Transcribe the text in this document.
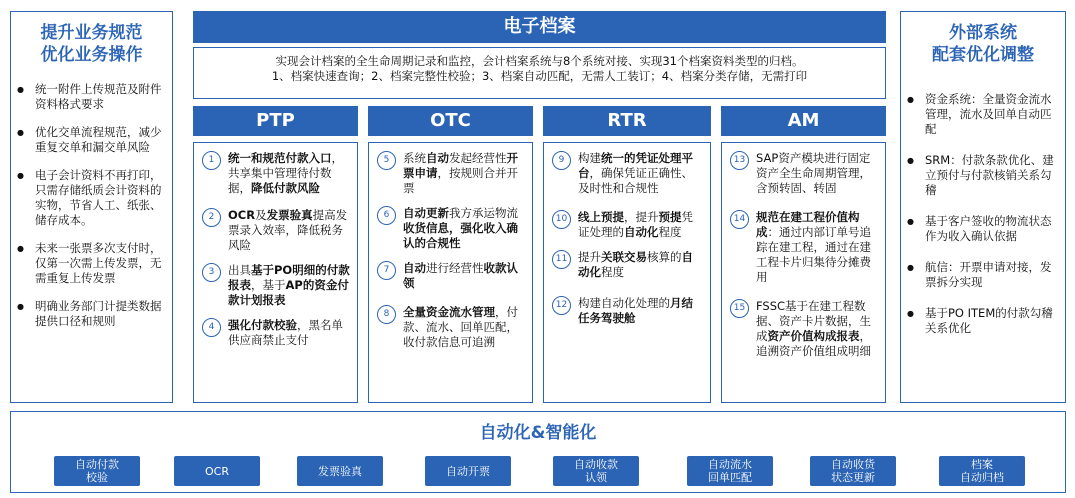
提升业务规范
优化业务操作
● 统一附件上传规范及附件资料格式要求
● 优化交单流程规范，减少重复交单和漏交单风险
● 电子会计资料不再打印，只需存储纸质会计资料的实物，节省人工、纸张、储存成本。
● 未来一张票多次支付时，仅第一次需上传发票，无需重复上传发票
● 明确业务部门计提类数据提供口径和规则
外部系统
配套优化调整
● 资金系统：全量资金流水管理，流水及回单自动匹配
● SRM：付款条款优化、建立预付与付款核销关系勾稽
● 基于客户签收的物流状态作为收入确认依据
● 航信：开票申请对接，发票拆分实现
● 基于PO ITEM的付款勾稽关系优化
电子档案
实现会计档案的全生命周期记录和监控，会计档案系统与8个系统对接、实现31个档案资料类型的归档。
1、档案快速查询；2、档案完整性校验；3、档案自动匹配，无需人工装订；4、档案分类存储，无需打印
PTP
1	统一和规范付款入口，共享集中管理待付数据，降低付款风险
2	OCR及发票验真提高发票录入效率，降低税务风险
3	出具基于PO明细的付款报表，基于AP的资金付款计划报表
4	强化付款校验，黑名单供应商禁止支付
OTC
5	系统自动发起经营性开票申请，按规则合并开票
6	自动更新我方承运物流收货信息，强化收入确认的合规性
7	自动进行经营性收款认领
8	全量资金流水管理，付款、流水、回单匹配，收付款信息可追溯
RTR
9	构建统一的凭证处理平台，确保凭证正确性、及时性和合规性
10 线上预提，提升预提凭证处理的自动化程度
11 提升关联交易核算的自动化程度
12 构建自动化处理的月结任务驾驶舱
AM
13 SAP资产模块进行固定资产全生命周期管理，含预转固、转固
14 规范在建工程价值构成：通过内部订单号追踪在建工程，通过在建工程卡片归集待分摊费用
15 FSSC基于在建工程数据、资产卡片数据，生成资产价值构成报表，追溯资产价值组成明细
自动化&智能化
自动付款
校验	OCR	发票验真	自动开票	自动收款
认领
自动流水
回单匹配
自动收货
状态更新
档案
自动归档
